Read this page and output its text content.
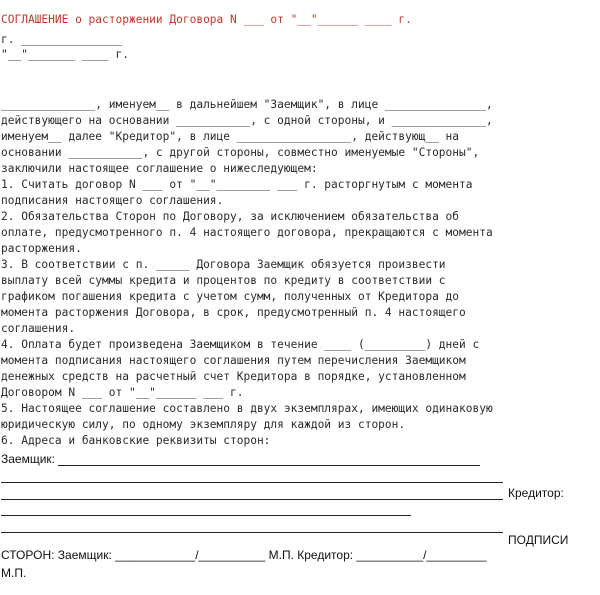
СОГЛАШЕНИЕ о расторжении Договора N ___ от "__"______ ____ г.
г. _______________
"__"_______ ____ г.
______________, именуем__ в дальнейшем "Заемщик", в лице _______________,
действующего на основании ___________, с одной стороны, и ______________,
именуем__ далее "Кредитор", в лице _________________, действующ__ на
основании ___________, с другой стороны, совместно именуемые "Стороны",
заключили настоящее соглашение о нижеследующем:
1. Считать договор N ___ от "__"________ ___ г. расторгнутым с момента
подписания настоящего соглашения.
2. Обязательства Сторон по Договору, за исключением обязательства об
оплате, предусмотренного п. 4 настоящего договора, прекращаются с момента
расторжения.
3. В соответствии с п. _____ Договора Заемщик обязуется произвести
выплату всей суммы кредита и процентов по кредиту в соответствии с
графиком погашения кредита с учетом сумм, полученных от Кредитора до
момента расторжения Договора, в срок, предусмотренный п. 4 настоящего
соглашения.
4. Оплата будет произведена Заемщиком в течение ____ (_________) дней с
момента подписания настоящего соглашения путем перечисления Заемщиком
денежных средств на расчетный счет Кредитора в порядке, установленном
Договором N ___ от "__"______ ___ г.
5. Настоящее соглашение составлено в двух экземплярах, имеющих одинаковую
юридическую силу, по одному экземпляру для каждой из сторон.
6. Адреса и банковские реквизиты сторон:
Заемщик:
Кредитор:
ПОДПИСИ
СТОРОН: Заемщик: ____________/__________ М.П. Кредитор: __________/_________
М.П.
